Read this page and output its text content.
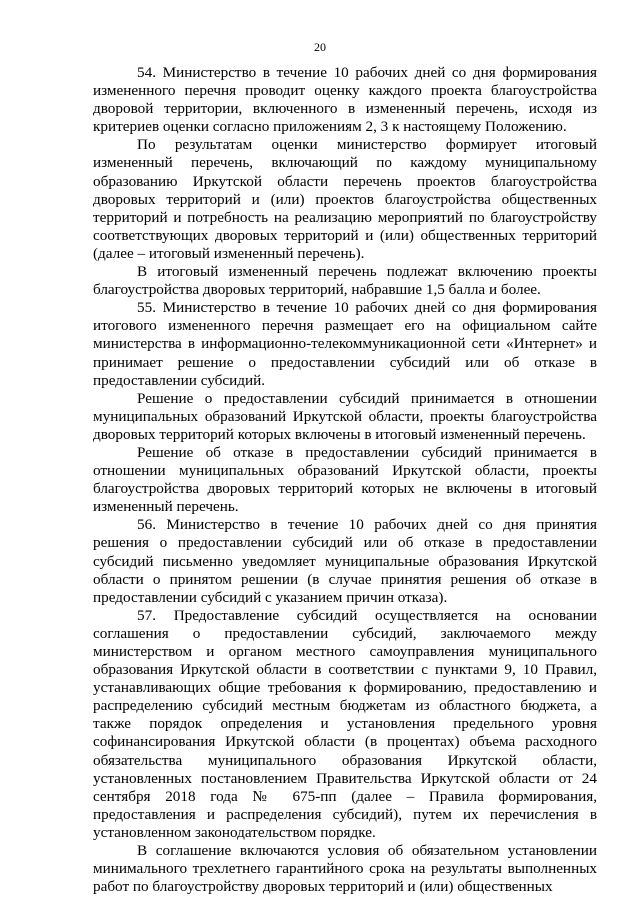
20

54. Министерство в течение 10 рабочих дней со дня формирования измененного перечня проводит оценку каждого проекта благоустройства дворовой территории, включенного в измененный перечень, исходя из критериев оценки согласно приложениям 2, 3 к настоящему Положению.

По результатам оценки министерство формирует итоговый измененный перечень, включающий по каждому муниципальному образованию Иркутской области перечень проектов благоустройства дворовых территорий и (или) проектов благоустройства общественных территорий и потребность на реализацию мероприятий по благоустройству соответствующих дворовых территорий и (или) общественных территорий (далее – итоговый измененный перечень).

В итоговый измененный перечень подлежат включению проекты благоустройства дворовых территорий, набравшие 1,5 балла и более.

55. Министерство в течение 10 рабочих дней со дня формирования итогового измененного перечня размещает его на официальном сайте министерства в информационно-телекоммуникационной сети «Интернет» и принимает решение о предоставлении субсидий или об отказе в предоставлении субсидий.

Решение о предоставлении субсидий принимается в отношении муниципальных образований Иркутской области, проекты благоустройства дворовых территорий которых включены в итоговый измененный перечень.

Решение об отказе в предоставлении субсидий принимается в отношении муниципальных образований Иркутской области, проекты благоустройства дворовых территорий которых не включены в итоговый измененный перечень.

56. Министерство в течение 10 рабочих дней со дня принятия решения о предоставлении субсидий или об отказе в предоставлении субсидий письменно уведомляет муниципальные образования Иркутской области о принятом решении (в случае принятия решения об отказе в предоставлении субсидий с указанием причин отказа).

57. Предоставление субсидий осуществляется на основании соглашения о предоставлении субсидий, заключаемого между министерством и органом местного самоуправления муниципального образования Иркутской области в соответствии с пунктами 9, 10 Правил, устанавливающих общие требования к формированию, предоставлению и распределению субсидий местным бюджетам из областного бюджета, а также порядок определения и установления предельного уровня софинансирования Иркутской области (в процентах) объема расходного обязательства муниципального образования Иркутской области, установленных постановлением Правительства Иркутской области от 24 сентября 2018 года № 675-пп (далее – Правила формирования, предоставления и распределения субсидий), путем их перечисления в установленном законодательством порядке.

В соглашение включаются условия об обязательном установлении минимального трехлетнего гарантийного срока на результаты выполненных работ по благоустройству дворовых территорий и (или) общественных
